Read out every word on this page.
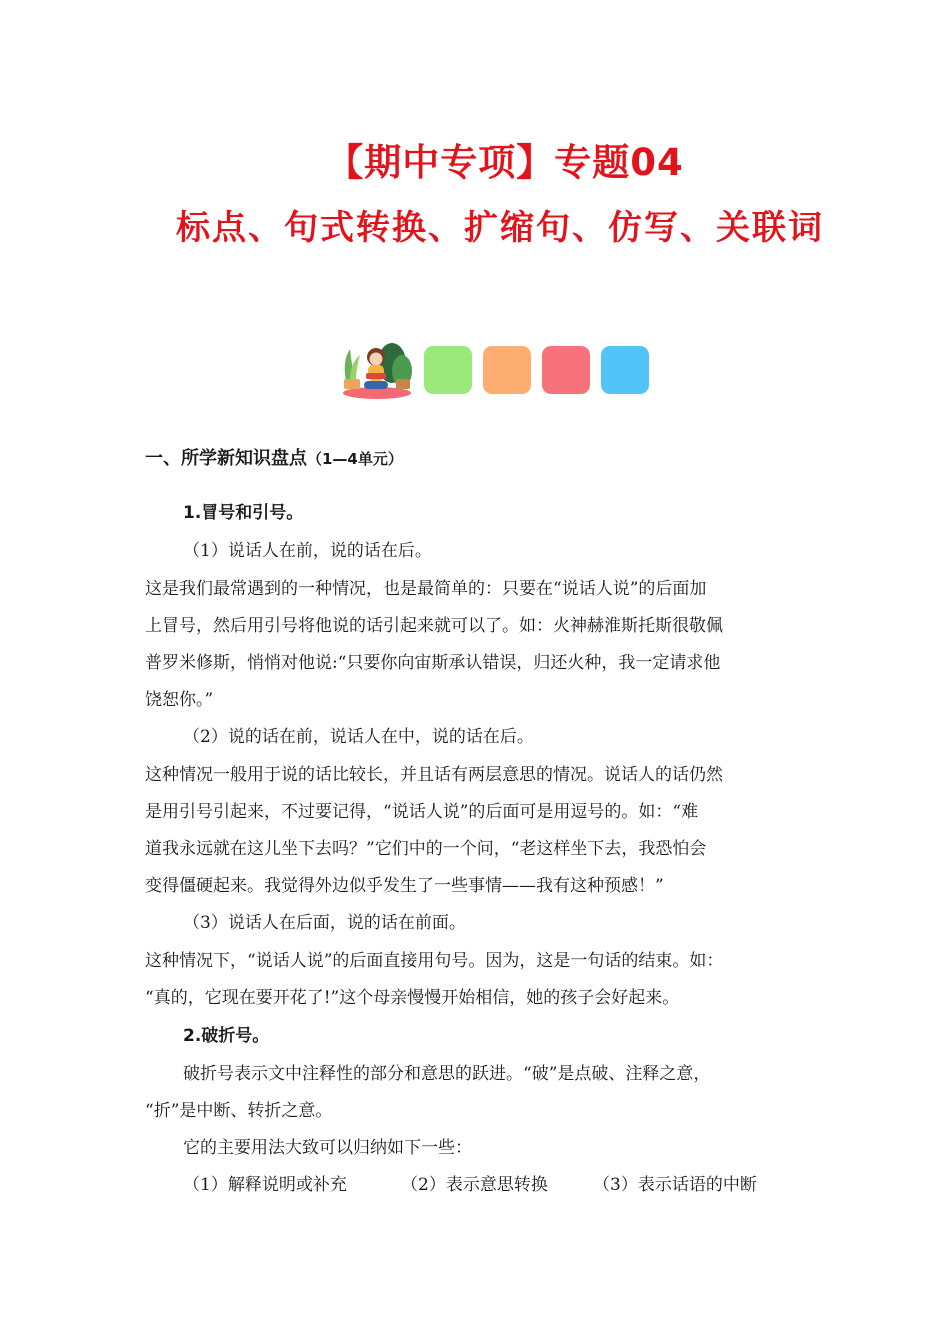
【期中专项】专题04
标点、句式转换、扩缩句、仿写、关联词
一、所学新知识盘点（1—4单元）
1.冒号和引号。
（1）说话人在前，说的话在后。
这是我们最常遇到的一种情况，也是最简单的：只要在“说话人说”的后面加
上冒号，然后用引号将他说的话引起来就可以了。如：火神赫淮斯托斯很敬佩
普罗米修斯，悄悄对他说:“只要你向宙斯承认错误，归还火种，我一定请求他
饶恕你。”
（2）说的话在前，说话人在中，说的话在后。
这种情况一般用于说的话比较长，并且话有两层意思的情况。说话人的话仍然
是用引号引起来，不过要记得，“说话人说”的后面可是用逗号的。如：“难
道我永远就在这儿坐下去吗？”它们中的一个问，“老这样坐下去，我恐怕会
变得僵硬起来。我觉得外边似乎发生了一些事情——我有这种预感！”
（3）说话人在后面，说的话在前面。
这种情况下，“说话人说”的后面直接用句号。因为，这是一句话的结束。如：
“真的，它现在要开花了!”这个母亲慢慢开始相信，她的孩子会好起来。
2.破折号。
破折号表示文中注释性的部分和意思的跃进。“破”是点破、注释之意，
“折”是中断、转折之意。
它的主要用法大致可以归纳如下一些：
（1）解释说明或补充	（2）表示意思转换	（3）表示话语的中断
